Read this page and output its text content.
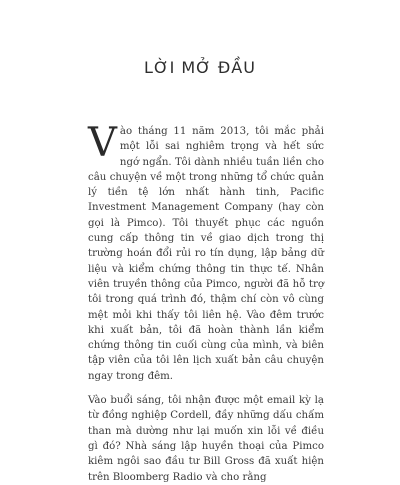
LỜI MỞ ĐẦU

Vào tháng 11 năm 2013, tôi mắc phải một lỗi sai nghiêm trọng và hết sức ngớ ngẩn. Tôi dành nhiều tuần liền cho câu chuyện về một trong những tổ chức quản lý tiền tệ lớn nhất hành tinh, Pacific Investment Management Company (hay còn gọi là Pimco). Tôi thuyết phục các nguồn cung cấp thông tin về giao dịch trong thị trường hoán đổi rủi ro tín dụng, lập bảng dữ liệu và kiểm chứng thông tin thực tế. Nhân viên truyền thông của Pimco, người đã hỗ trợ tôi trong quá trình đó, thậm chí còn vô cùng mệt mỏi khi thấy tôi liên hệ. Vào đêm trước khi xuất bản, tôi đã hoàn thành lần kiểm chứng thông tin cuối cùng của mình, và biên tập viên của tôi lên lịch xuất bản câu chuyện ngay trong đêm.

Vào buổi sáng, tôi nhận được một email kỳ lạ từ đồng nghiệp Cordell, đầy những dấu chấm than mà dường như lại muốn xin lỗi về điều gì đó? Nhà sáng lập huyền thoại của Pimco kiêm ngôi sao đầu tư Bill Gross đã xuất hiện trên Bloomberg Radio và cho rằng
